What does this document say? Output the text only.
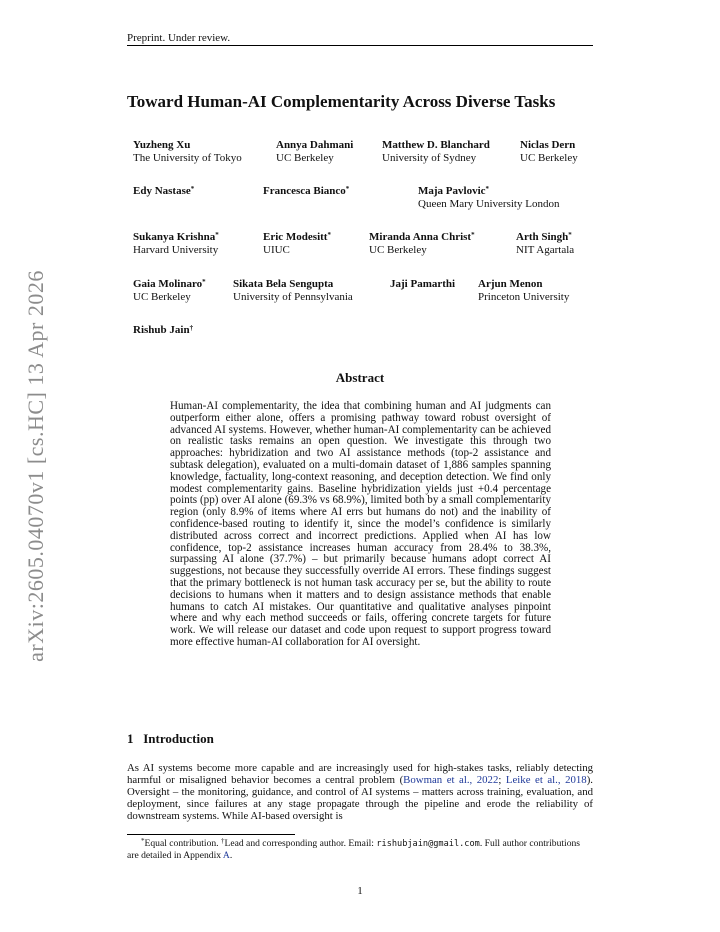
Preprint. Under review.
arXiv:2605.04070v1 [cs.HC] 13 Apr 2026
Toward Human-AI Complementarity Across Diverse Tasks
Yuzheng Xu
The University of Tokyo
Annya Dahmani
UC Berkeley
Matthew D. Blanchard
University of Sydney
Niclas Dern
UC Berkeley
Edy Nastase*	Francesca Bianco*	Maja Pavlovic*
Queen Mary University London
Sukanya Krishna*
Harvard University
Eric Modesitt*
UIUC
Miranda Anna Christ*
UC Berkeley
Arth Singh*
NIT Agartala
Gaia Molinaro*
UC Berkeley
Sikata Bela Sengupta
University of Pennsylvania
Jaji Pamarthi Arjun Menon
Princeton University
Rishub Jain†
Abstract
Human-AI complementarity, the idea that combining human and AI judgments can outperform either alone, offers a promising pathway toward robust oversight of advanced AI systems. However, whether human-AI complementarity can be achieved on realistic tasks remains an open question. We investigate this through two approaches: hybridization and two AI assistance methods (top-2 assistance and subtask delegation), evaluated on a multi-domain dataset of 1,886 samples spanning knowledge, factuality, long-context reasoning, and deception detection. We find only modest complementarity gains. Baseline hybridization yields just +0.4 percentage points (pp) over AI alone (69.3% vs 68.9%), limited both by a small complementarity region (only 8.9% of items where AI errs but humans do not) and the inability of confidence-based routing to identify it, since the model’s confidence is similarly distributed across correct and incorrect predictions. Applied when AI has low confidence, top-2 assistance increases human accuracy from 28.4% to 38.3%, surpassing AI alone (37.7%) – but primarily because humans adopt correct AI suggestions, not because they successfully override AI errors. These findings suggest that the primary bottleneck is not human task accuracy per se, but the ability to route decisions to humans when it matters and to design assistance methods that enable humans to catch AI mistakes. Our quantitative and qualitative analyses pinpoint where and why each method succeeds or fails, offering concrete targets for future work. We will release our dataset and code upon request to support progress toward more effective human-AI collaboration for AI oversight.
1 Introduction
As AI systems become more capable and are increasingly used for high-stakes tasks, reliably detecting harmful or misaligned behavior becomes a central problem (Bowman et al., 2022; Leike et al., 2018). Oversight – the monitoring, guidance, and control of AI systems – matters across training, evaluation, and deployment, since failures at any stage propagate through the pipeline and erode the reliability of downstream systems. While AI-based oversight is
*Equal contribution. †Lead and corresponding author. Email: rishubjain@gmail.com. Full author contributions are detailed in Appendix A.
1
